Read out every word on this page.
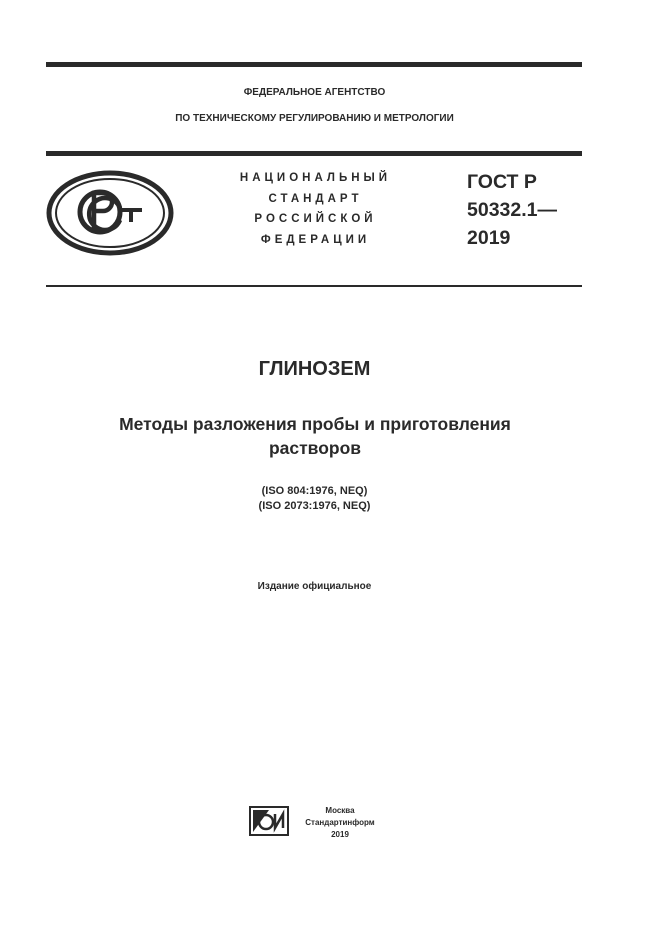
ФЕДЕРАЛЬНОЕ АГЕНТСТВО
ПО ТЕХНИЧЕСКОМУ РЕГУЛИРОВАНИЮ И МЕТРОЛОГИИ
НАЦИОНАЛЬНЫЙ
СТАНДАРТ
РОССИЙСКОЙ
ФЕДЕРАЦИИ
ГОСТ Р
50332.1—
2019
ГЛИНОЗЕМ
Методы разложения пробы и приготовления
растворов
(ISO 804:1976, NEQ)
(ISO 2073:1976, NEQ)
Издание официальное
Москва
Стандартинформ
2019
